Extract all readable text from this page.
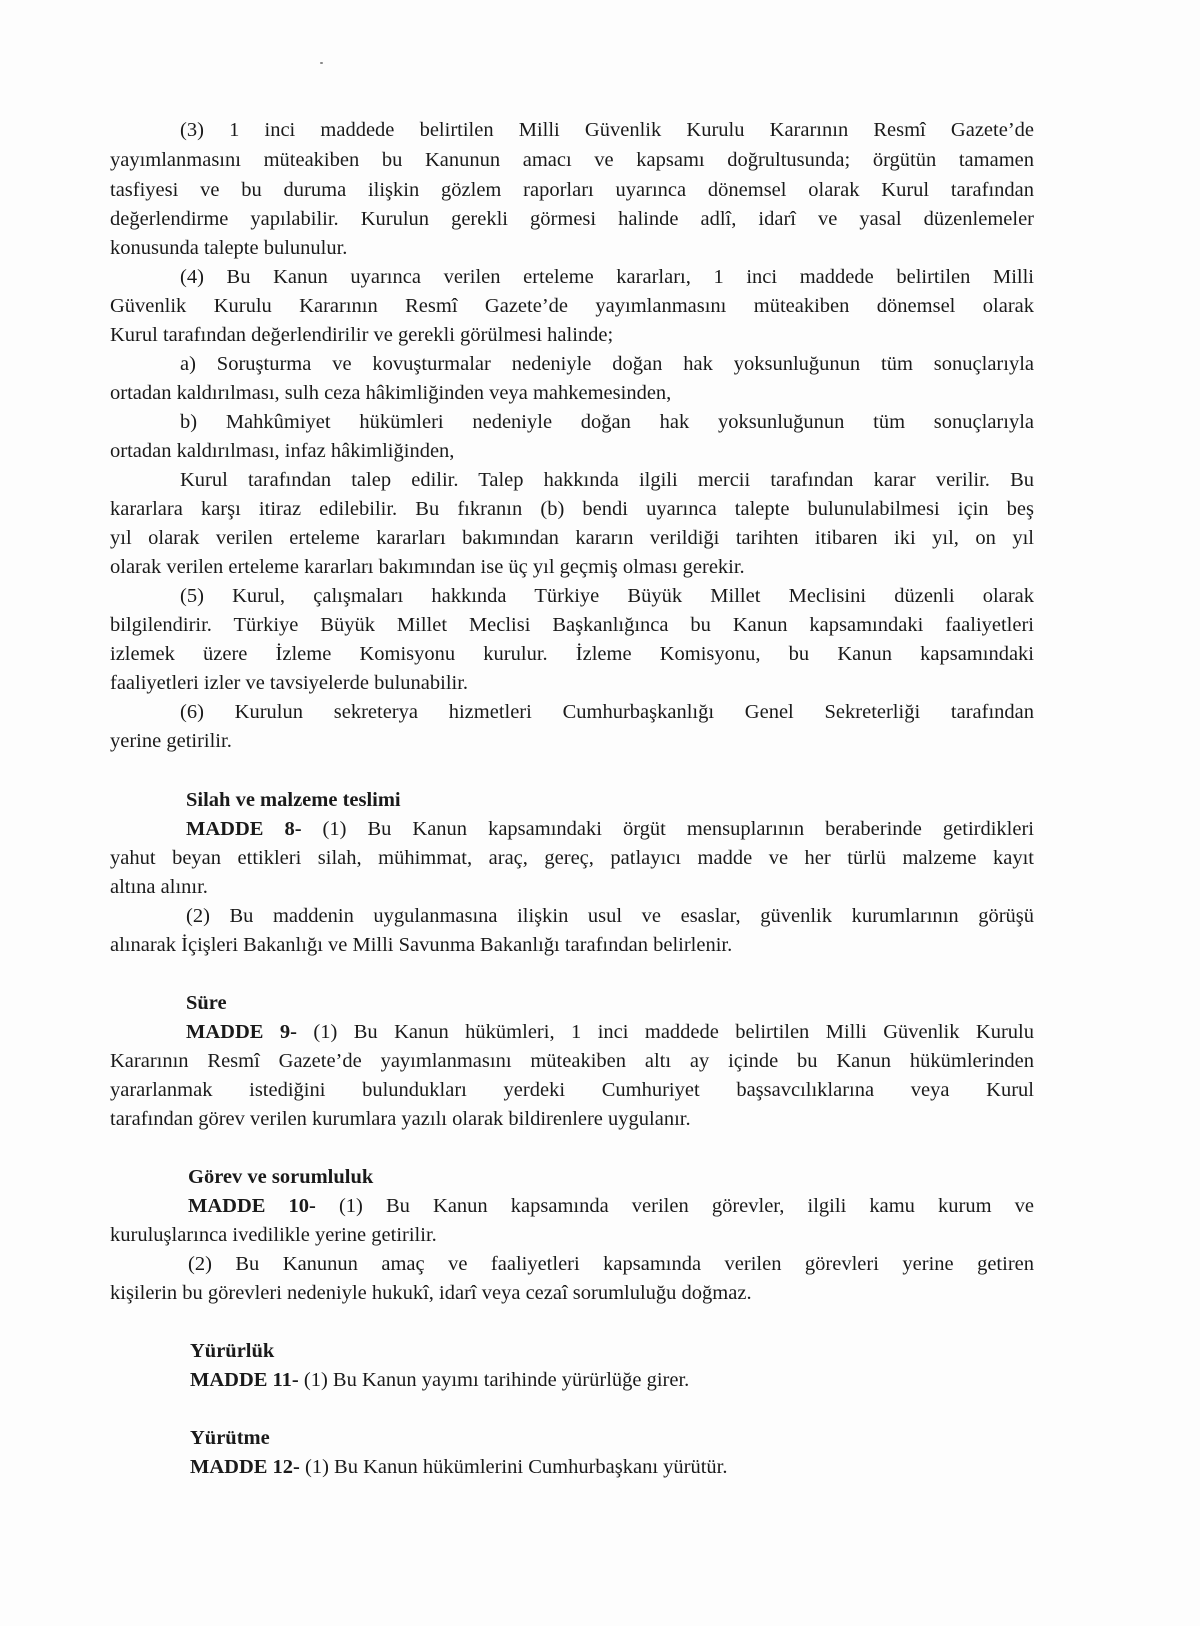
(3) 1 inci maddede belirtilen Milli Güvenlik Kurulu Kararının Resmî Gazete’de
yayımlanmasını müteakiben bu Kanunun amacı ve kapsamı doğrultusunda; örgütün tamamen
tasfiyesi ve bu duruma ilişkin gözlem raporları uyarınca dönemsel olarak Kurul tarafından
değerlendirme yapılabilir. Kurulun gerekli görmesi halinde adlî, idarî ve yasal düzenlemeler
konusunda talepte bulunulur.
(4) Bu Kanun uyarınca verilen erteleme kararları, 1 inci maddede belirtilen Milli
Güvenlik Kurulu Kararının Resmî Gazete’de yayımlanmasını müteakiben dönemsel olarak
Kurul tarafından değerlendirilir ve gerekli görülmesi halinde;
a) Soruşturma ve kovuşturmalar nedeniyle doğan hak yoksunluğunun tüm sonuçlarıyla
ortadan kaldırılması, sulh ceza hâkimliğinden veya mahkemesinden,
b) Mahkûmiyet hükümleri nedeniyle doğan hak yoksunluğunun tüm sonuçlarıyla
ortadan kaldırılması, infaz hâkimliğinden,
Kurul tarafından talep edilir. Talep hakkında ilgili mercii tarafından karar verilir. Bu
kararlara karşı itiraz edilebilir. Bu fıkranın (b) bendi uyarınca talepte bulunulabilmesi için beş
yıl olarak verilen erteleme kararları bakımından kararın verildiği tarihten itibaren iki yıl, on yıl
olarak verilen erteleme kararları bakımından ise üç yıl geçmiş olması gerekir.
(5) Kurul, çalışmaları hakkında Türkiye Büyük Millet Meclisini düzenli olarak
bilgilendirir. Türkiye Büyük Millet Meclisi Başkanlığınca bu Kanun kapsamındaki faaliyetleri
izlemek üzere İzleme Komisyonu kurulur. İzleme Komisyonu, bu Kanun kapsamındaki
faaliyetleri izler ve tavsiyelerde bulunabilir.
(6) Kurulun sekreterya hizmetleri Cumhurbaşkanlığı Genel Sekreterliği tarafından
yerine getirilir.
Silah ve malzeme teslimi
MADDE 8- (1) Bu Kanun kapsamındaki örgüt mensuplarının beraberinde getirdikleri
yahut beyan ettikleri silah, mühimmat, araç, gereç, patlayıcı madde ve her türlü malzeme kayıt
altına alınır.
(2) Bu maddenin uygulanmasına ilişkin usul ve esaslar, güvenlik kurumlarının görüşü
alınarak İçişleri Bakanlığı ve Milli Savunma Bakanlığı tarafından belirlenir.
Süre
MADDE 9- (1) Bu Kanun hükümleri, 1 inci maddede belirtilen Milli Güvenlik Kurulu
Kararının Resmî Gazete’de yayımlanmasını müteakiben altı ay içinde bu Kanun hükümlerinden
yararlanmak istediğini bulundukları yerdeki Cumhuriyet başsavcılıklarına veya Kurul
tarafından görev verilen kurumlara yazılı olarak bildirenlere uygulanır.
Görev ve sorumluluk
MADDE 10- (1) Bu Kanun kapsamında verilen görevler, ilgili kamu kurum ve
kuruluşlarınca ivedilikle yerine getirilir.
(2) Bu Kanunun amaç ve faaliyetleri kapsamında verilen görevleri yerine getiren
kişilerin bu görevleri nedeniyle hukukî, idarî veya cezaî sorumluluğu doğmaz.
Yürürlük
MADDE 11- (1) Bu Kanun yayımı tarihinde yürürlüğe girer.
Yürütme
MADDE 12- (1) Bu Kanun hükümlerini Cumhurbaşkanı yürütür.
